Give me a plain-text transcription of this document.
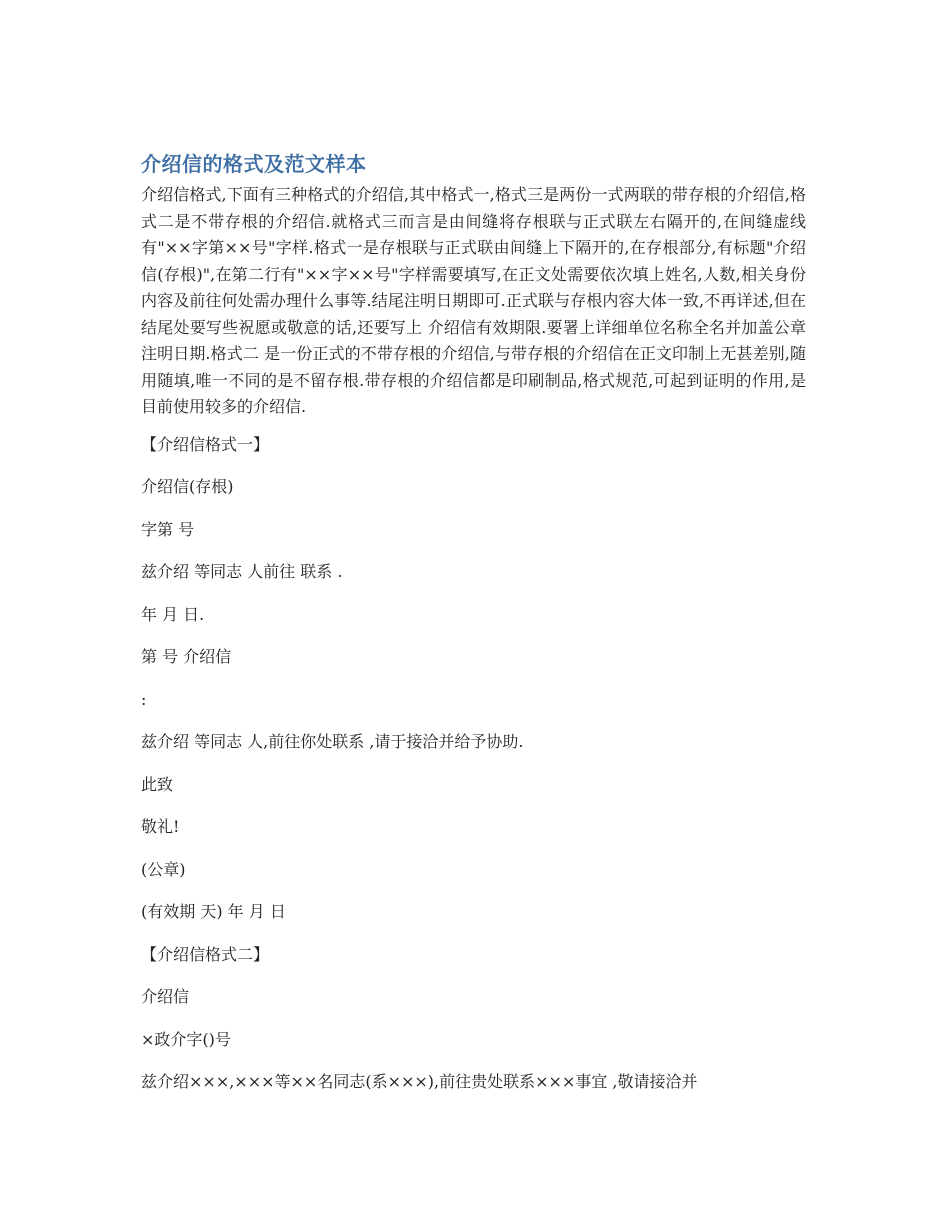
介绍信的格式及范文样本

介绍信格式,下面有三种格式的介绍信,其中格式一,格式三是两份一式两联的带存根的介绍信,格式二是不带存根的介绍信.就格式三而言是由间缝将存根联与正式联左右隔开的,在间缝虚线有"××字第××号"字样.格式一是存根联与正式联由间缝上下隔开的,在存根部分,有标题"介绍信(存根)",在第二行有"××字××号"字样需要填写,在正文处需要依次填上姓名,人数,相关身份内容及前往何处需办理什么事等.结尾注明日期即可.正式联与存根内容大体一致,不再详述,但在结尾处要写些祝愿或敬意的话,还要写上 介绍信有效期限.要署上详细单位名称全名并加盖公章注明日期.格式二 是一份正式的不带存根的介绍信,与带存根的介绍信在正文印制上无甚差别,随用随填,唯一不同的是不留存根.带存根的介绍信都是印刷制品,格式规范,可起到证明的作用,是目前使用较多的介绍信.

【介绍信格式一】

介绍信(存根)

字第 号

兹介绍 等同志 人前往 联系 .

年 月 日.

第 号 介绍信

:

兹介绍 等同志 人,前往你处联系 ,请于接洽并给予协助.

此致

敬礼!

(公章)

(有效期 天) 年 月 日

【介绍信格式二】

介绍信

×政介字()号

兹介绍×××,×××等××名同志(系×××),前往贵处联系×××事宜 ,敬请接洽并
